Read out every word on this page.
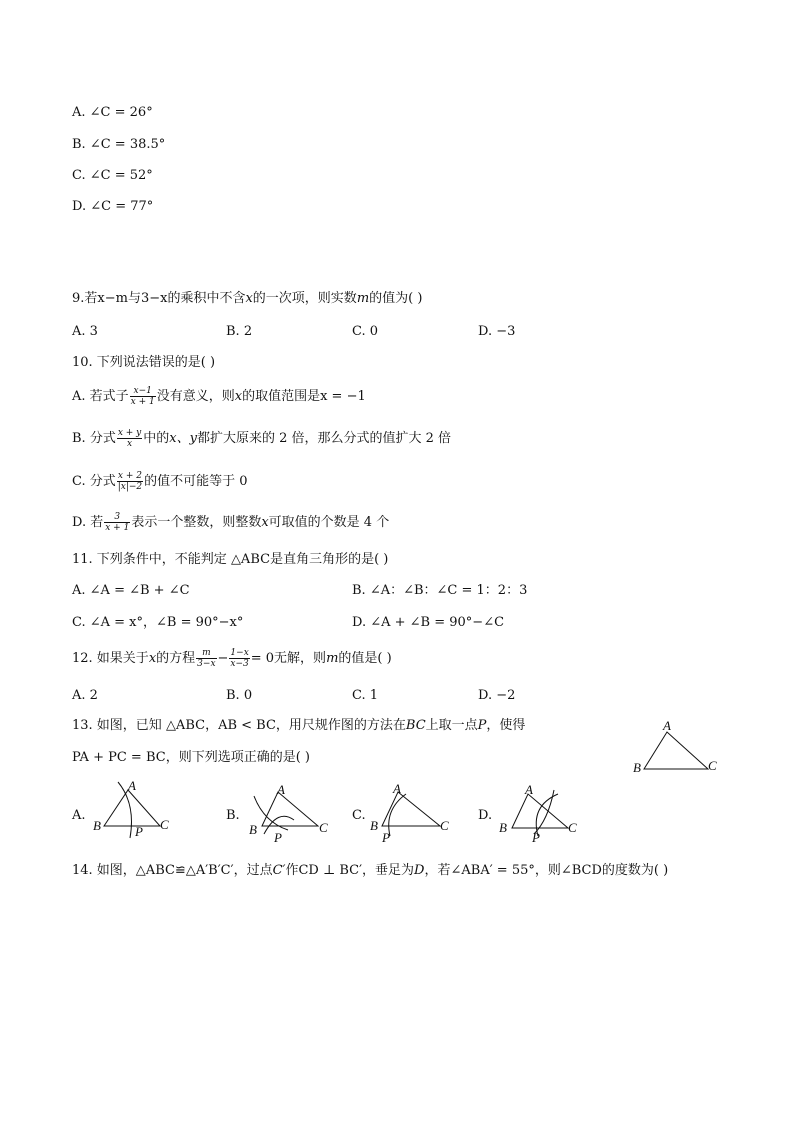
A. ∠C = 26°
B. ∠C = 38.5°
C. ∠C = 52°
D. ∠C = 77°
9.若x−m与3−x的乘积中不含x的一次项，则实数m的值为( )
A. 3	B. 2	C. 0	D. −3
10. 下列说法错误的是( )
A. 若式子 $\frac{x-1}{x + 1}$ 没有意义，则x的取值范围是x = −1
B. 分式 $\frac{x + y}{x}$ 中的x、y都扩大原来的 2 倍，那么分式的值扩大 2 倍
C. 分式 $\frac{x + 2}{|x|-2}$ 的值不可能等于 0
D. 若 $\frac{3}{x + 1}$ 表示一个整数，则整数x可取值的个数是 4 个
11. 下列条件中，不能判定 △ABC是直角三角形的是( )
A. ∠A = ∠B + ∠C	B. ∠A：∠B：∠C = 1：2：3
C. ∠A = x°，∠B = 90°−x°	D. ∠A + ∠B = 90°−∠C
12. 如果关于x的方程 $\frac{m}{3-x} - \frac{1-x}{x-3} = 0$无解，则m的值是( )
A. 2	B. 0	C. 1	D. −2
13. 如图，已知 △ABC，AB < BC，用尺规作图的方法在BC上取一点P，使得
PA + PC = BC，则下列选项正确的是( )
A
B	C
A.
A
B	C
P
B.
A
B	C
P
C.
A
B	C
P
D.
A
B	C
P
14. 如图，△ABC≌△A′B′C′，过点C′作CD ⊥ BC′，垂足为D，若∠ABA′ = 55°，则∠BCD的度数为( )
